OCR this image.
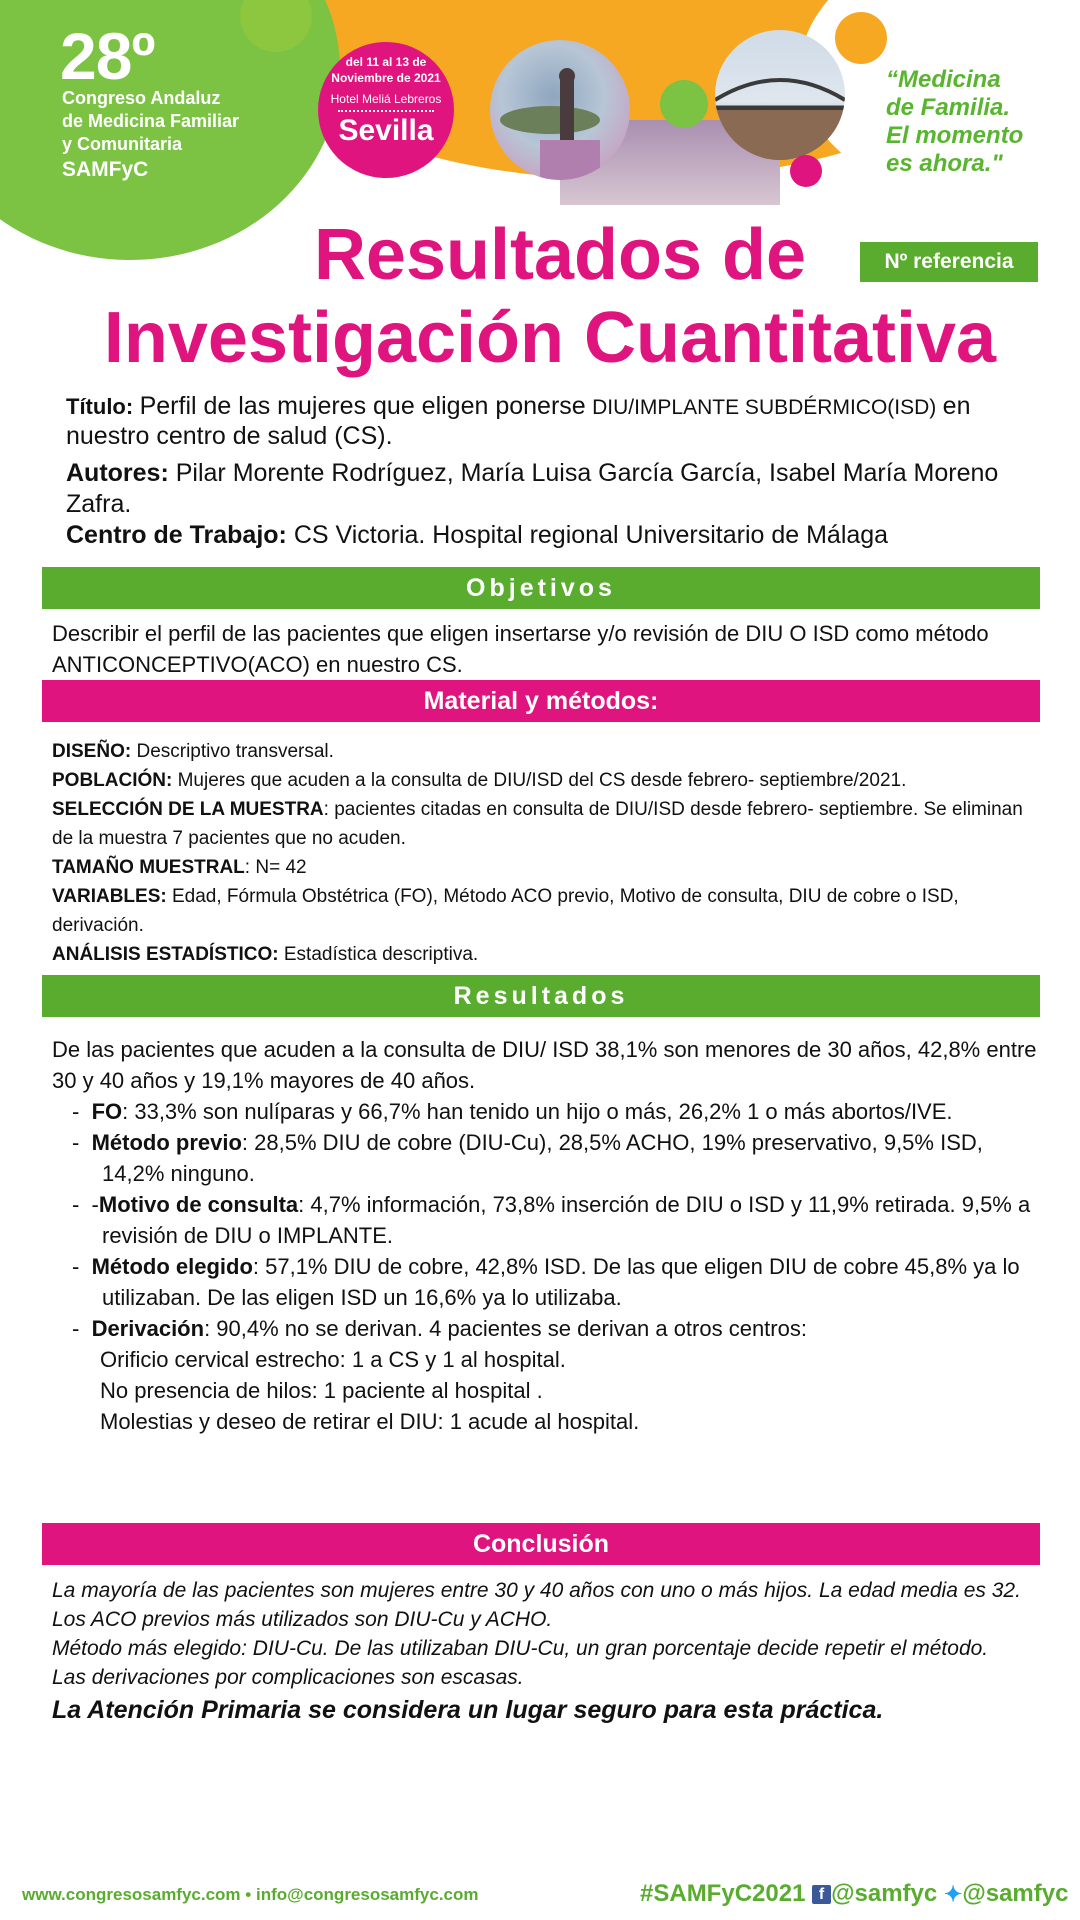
28º
Congreso Andaluz
de Medicina Familiar
y Comunitaria
SAMFyC
del 11 al 13 de
Noviembre de 2021
Hotel Meliá Lebreros
Sevilla
“Medicina
de Familia.
El momento
es ahora."
Resultados de
Investigación Cuantitativa
Nº referencia
Título: Perfil de las mujeres que eligen ponerse DIU/IMPLANTE SUBDÉRMICO(ISD) en nuestro centro de salud (CS).
Autores: Pilar Morente Rodríguez, María Luisa García García, Isabel María Moreno Zafra.
Centro de Trabajo: CS Victoria. Hospital regional Universitario de Málaga
Objetivos
Describir el perfil de las pacientes que eligen insertarse y/o revisión de DIU O ISD como método ANTICONCEPTIVO(ACO) en nuestro CS.
Material y métodos:
DISEÑO: Descriptivo transversal.
POBLACIÓN: Mujeres que acuden a la consulta de DIU/ISD del CS desde febrero- septiembre/2021.
SELECCIÓN DE LA MUESTRA: pacientes citadas en consulta de DIU/ISD desde febrero- septiembre. Se eliminan de la muestra 7 pacientes que no acuden.
TAMAÑO MUESTRAL: N= 42
VARIABLES: Edad, Fórmula Obstétrica (FO), Método ACO previo, Motivo de consulta, DIU de cobre o ISD, derivación.
ANÁLISIS ESTADÍSTICO: Estadística descriptiva.
Resultados
De las pacientes que acuden a la consulta de DIU/ ISD 38,1% son menores de 30 años, 42,8% entre 30 y 40 años y 19,1% mayores de 40 años.
-  FO: 33,3% son nulíparas y 66,7% han tenido un hijo o más, 26,2% 1 o más abortos/IVE.
-  Método previo: 28,5% DIU de cobre (DIU-Cu), 28,5% ACHO, 19% preservativo, 9,5% ISD, 14,2% ninguno.
-  -Motivo de consulta: 4,7% información, 73,8% inserción de DIU o ISD y 11,9% retirada. 9,5% a revisión de DIU o IMPLANTE.
-  Método elegido: 57,1% DIU de cobre, 42,8% ISD. De las que eligen DIU de cobre 45,8% ya lo utilizaban. De las eligen ISD un 16,6% ya lo utilizaba.
-  Derivación: 90,4% no se derivan. 4 pacientes se derivan a otros centros:
Orificio cervical estrecho: 1 a CS y 1 al hospital.
No presencia de hilos: 1 paciente al hospital .
Molestias y deseo de retirar el DIU: 1 acude al hospital.
Conclusión
La mayoría de las pacientes son mujeres entre 30 y 40 años con uno o más hijos. La edad media es 32.
Los ACO previos más utilizados son DIU-Cu y ACHO.
Método más elegido: DIU-Cu. De las utilizaban DIU-Cu, un gran porcentaje decide repetir el método.
Las derivaciones por complicaciones son escasas.
La Atención Primaria se considera un lugar seguro para esta práctica.
www.congresosamfyc.com • info@congresosamfyc.com	#SAMFyC2021 f @samfyc ✦@samfyc
